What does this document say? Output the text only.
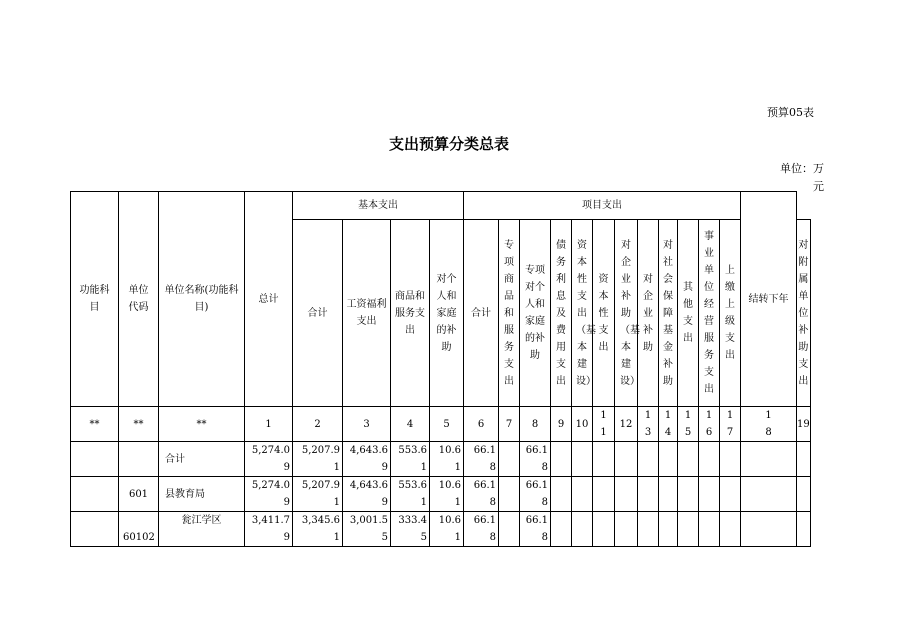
预算05表
支出预算分类总表
单位：万元
功能科目	单位代码	单位名称(功能科目)	总计	基本支出				项目支出												结转下年	
				合计	工资福利支出	商品和服务支出	对个人和家庭的补助	合计	专项商品和服务支出	专项对个人和家庭的补助	债务利息及费用支出	资本性支出（基本建设）	资本性支出	对企业补助（基本建设）	对企业补助	对社会保障基金补助	其他支出	事业单位经营服务支出	上缴上级支出		对附属单位补助支出
**	**	**	1	2	3	4	5	6	7	8	9	10	11	12	13	14	15	16	17	18	19
		合计	5,274.09	5,207.91	4,643.69	553.61	10.61	66.18		66.18											
	601	县教育局	5,274.09	5,207.91	4,643.69	553.61	10.61	66.18		66.18											
	60102	瓮江学区	3,411.79	3,345.61	3,001.55	333.45	10.61	66.18		66.18											
